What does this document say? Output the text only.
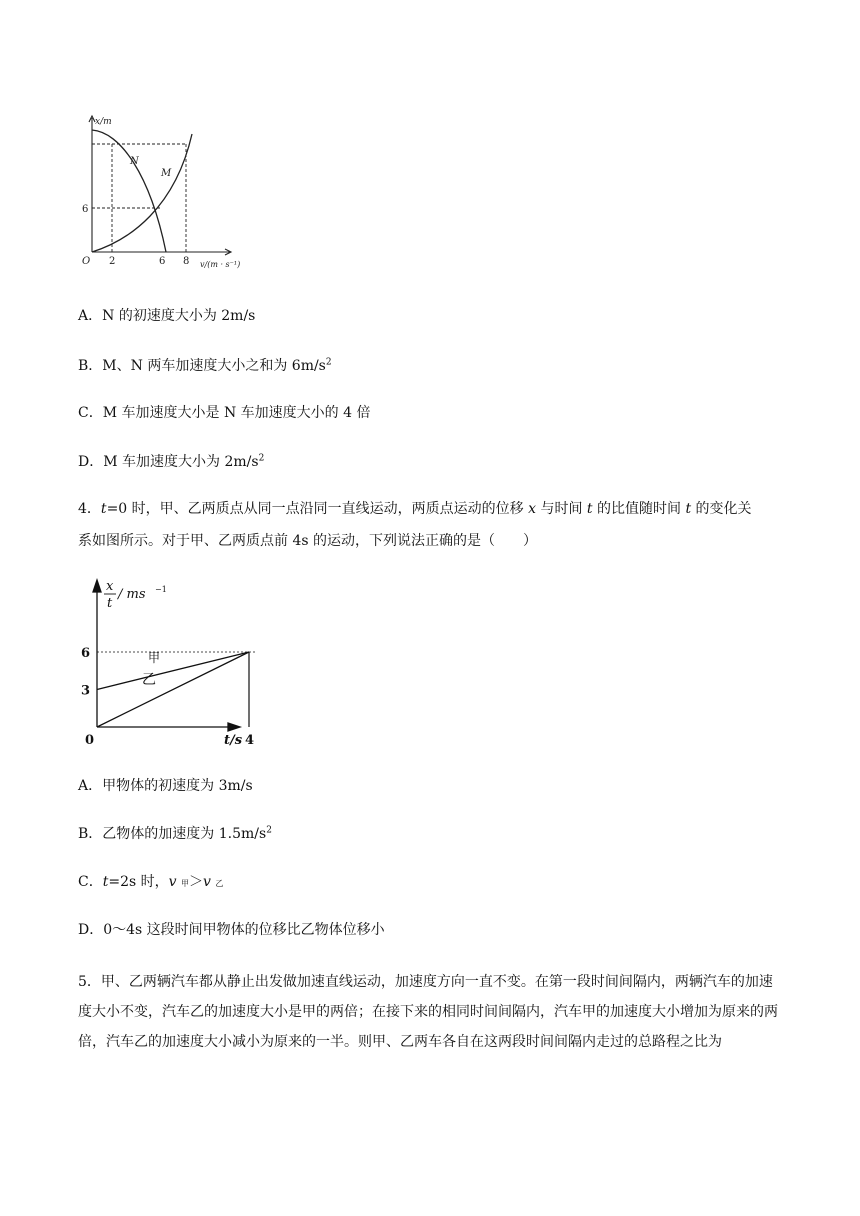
x/m
O 2	6 8
6
v/(m · s⁻¹)
N
M
A．N 的初速度大小为 2m/s
B．M、N 两车加速度大小之和为 $6m/s^2$
C．M 车加速度大小是 N 车加速度大小的 4 倍
D．M 车加速度大小为 $2m/s^2$
4．t=0 时，甲、乙两质点从同一点沿同一直线运动，两质点运动的位移 x 与时间 t 的比值随时间 t 的变化关
系如图所示。对于甲、乙两质点前 4s 的运动，下列说法正确的是（　　）
x
t
/ ms −1
0	t/s
6
3
4
甲
乙
A．甲物体的初速度为 3m/s
B．乙物体的加速度为 $1.5m/s^2$
C．t=2s 时，v 甲＞v 乙
D．0～4s 这段时间甲物体的位移比乙物体位移小
5．甲、乙两辆汽车都从静止出发做加速直线运动，加速度方向一直不变。在第一段时间间隔内，两辆汽车的加速度大小不变，汽车乙的加速度大小是甲的两倍；在接下来的相同时间间隔内，汽车甲的加速度大小增加为原来的两倍，汽车乙的加速度大小减小为原来的一半。则甲、乙两车各自在这两段时间间隔内走过的总路程之比为
